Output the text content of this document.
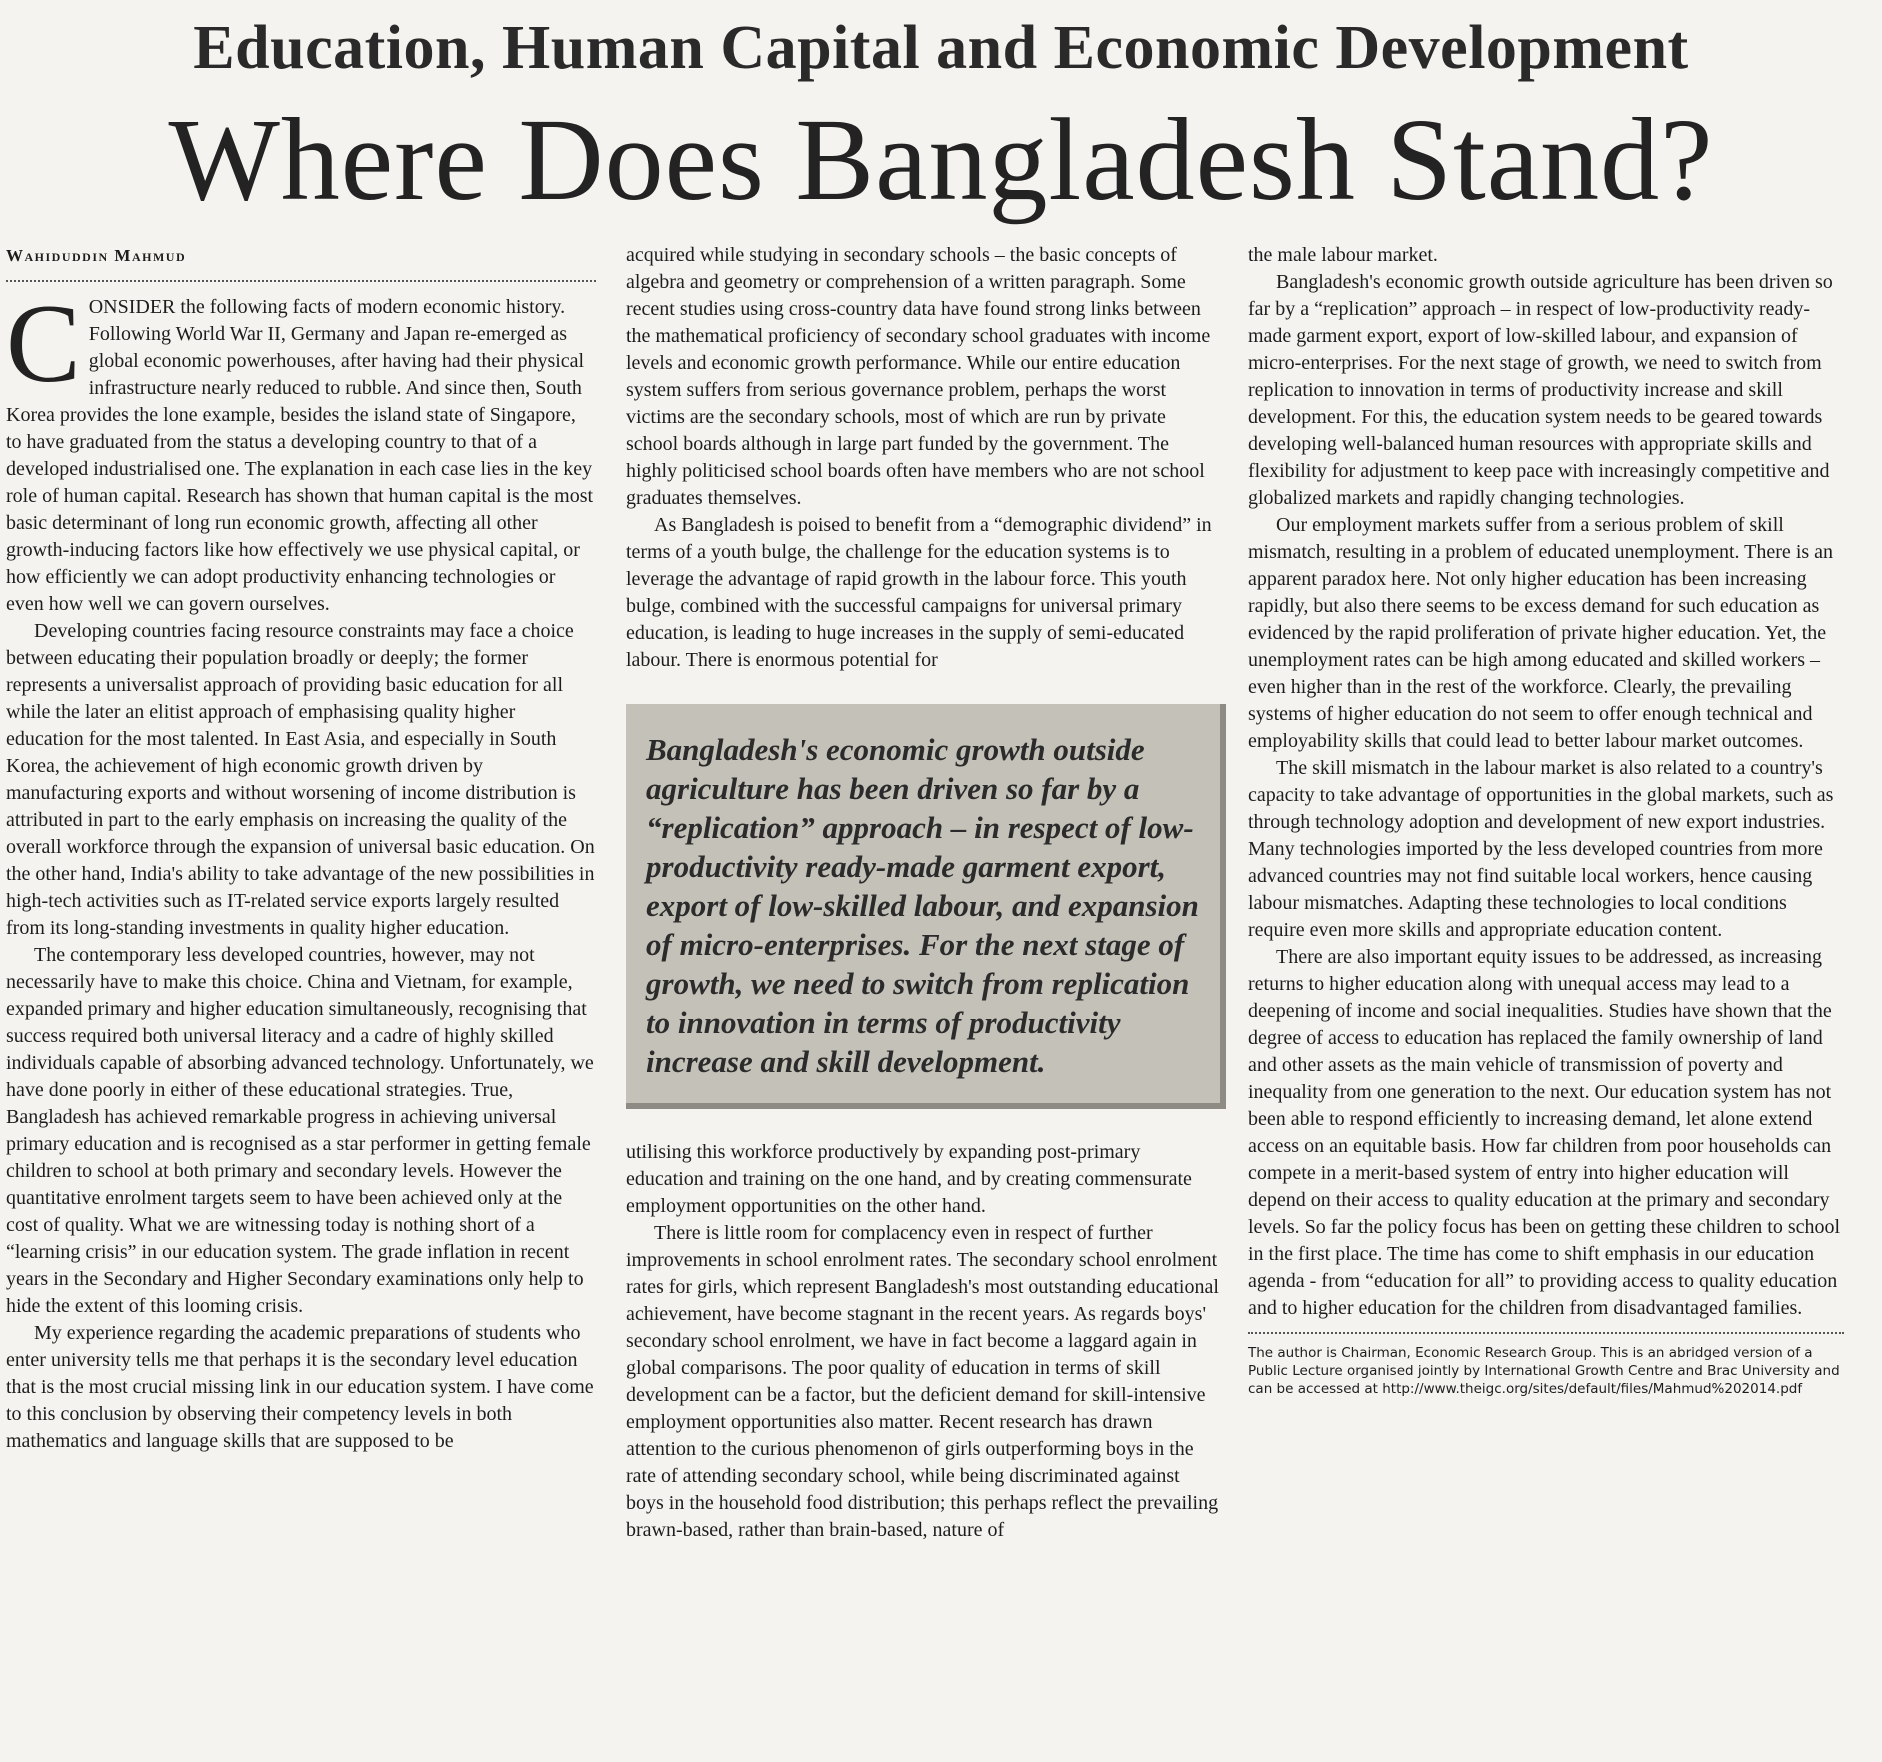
Education, Human Capital and Economic Development
Where Does Bangladesh Stand?
Wahiduddin Mahmud

CONSIDER the following facts of modern economic history. Following World War II, Germany and Japan re-emerged as global economic powerhouses, after having had their physical infrastructure nearly reduced to rubble. And since then, South Korea provides the lone example, besides the island state of Singapore, to have graduated from the status a developing country to that of a developed industrialised one. The explanation in each case lies in the key role of human capital. Research has shown that human capital is the most basic determinant of long run economic growth, affecting all other growth-inducing factors like how effectively we use physical capital, or how efficiently we can adopt productivity enhancing technologies or even how well we can govern ourselves.

Developing countries facing resource constraints may face a choice between educating their population broadly or deeply; the former represents a universalist approach of providing basic education for all while the later an elitist approach of emphasising quality higher education for the most talented. In East Asia, and especially in South Korea, the achievement of high economic growth driven by manufacturing exports and without worsening of income distribution is attributed in part to the early emphasis on increasing the quality of the overall workforce through the expansion of universal basic education. On the other hand, India's ability to take advantage of the new possibilities in high-tech activities such as IT-related service exports largely resulted from its long-standing investments in quality higher education.

The contemporary less developed countries, however, may not necessarily have to make this choice. China and Vietnam, for example, expanded primary and higher education simultaneously, recognising that success required both universal literacy and a cadre of highly skilled individuals capable of absorbing advanced technology. Unfortunately, we have done poorly in either of these educational strategies. True, Bangladesh has achieved remarkable progress in achieving universal primary education and is recognised as a star performer in getting female children to school at both primary and secondary levels. However the quantitative enrolment targets seem to have been achieved only at the cost of quality. What we are witnessing today is nothing short of a “learning crisis” in our education system. The grade inflation in recent years in the Secondary and Higher Secondary examinations only help to hide the extent of this looming crisis.

My experience regarding the academic preparations of students who enter university tells me that perhaps it is the secondary level education that is the most crucial missing link in our education system. I have come to this conclusion by observing their competency levels in both mathematics and language skills that are supposed to be

acquired while studying in secondary schools – the basic concepts of algebra and geometry or comprehension of a written paragraph. Some recent studies using cross-country data have found strong links between the mathematical proficiency of secondary school graduates with income levels and economic growth performance. While our entire education system suffers from serious governance problem, perhaps the worst victims are the secondary schools, most of which are run by private school boards although in large part funded by the government. The highly politicised school boards often have members who are not school graduates themselves.

As Bangladesh is poised to benefit from a “demographic dividend” in terms of a youth bulge, the challenge for the education systems is to leverage the advantage of rapid growth in the labour force. This youth bulge, combined with the successful campaigns for universal primary education, is leading to huge increases in the supply of semi-educated labour. There is enormous potential for

Bangladesh's economic growth outside agriculture has been driven so far by a “replication” approach – in respect of low-productivity ready-made garment export, export of low-skilled labour, and expansion of micro-enterprises. For the next stage of growth, we need to switch from replication to innovation in terms of productivity increase and skill development.

utilising this workforce productively by expanding post-primary education and training on the one hand, and by creating commensurate employment opportunities on the other hand.

There is little room for complacency even in respect of further improvements in school enrolment rates. The secondary school enrolment rates for girls, which represent Bangladesh's most outstanding educational achievement, have become stagnant in the recent years. As regards boys' secondary school enrolment, we have in fact become a laggard again in global comparisons. The poor quality of education in terms of skill development can be a factor, but the deficient demand for skill-intensive employment opportunities also matter. Recent research has drawn attention to the curious phenomenon of girls outperforming boys in the rate of attending secondary school, while being discriminated against boys in the household food distribution; this perhaps reflect the prevailing brawn-based, rather than brain-based, nature of

the male labour market.

Bangladesh's economic growth outside agriculture has been driven so far by a “replication” approach – in respect of low-productivity ready-made garment export, export of low-skilled labour, and expansion of micro-enterprises. For the next stage of growth, we need to switch from replication to innovation in terms of productivity increase and skill development. For this, the education system needs to be geared towards developing well-balanced human resources with appropriate skills and flexibility for adjustment to keep pace with increasingly competitive and globalized markets and rapidly changing technologies.

Our employment markets suffer from a serious problem of skill mismatch, resulting in a problem of educated unemployment. There is an apparent paradox here. Not only higher education has been increasing rapidly, but also there seems to be excess demand for such education as evidenced by the rapid proliferation of private higher education. Yet, the unemployment rates can be high among educated and skilled workers – even higher than in the rest of the workforce. Clearly, the prevailing systems of higher education do not seem to offer enough technical and employability skills that could lead to better labour market outcomes.

The skill mismatch in the labour market is also related to a country's capacity to take advantage of opportunities in the global markets, such as through technology adoption and development of new export industries. Many technologies imported by the less developed countries from more advanced countries may not find suitable local workers, hence causing labour mismatches. Adapting these technologies to local conditions require even more skills and appropriate education content.

There are also important equity issues to be addressed, as increasing returns to higher education along with unequal access may lead to a deepening of income and social inequalities. Studies have shown that the degree of access to education has replaced the family ownership of land and other assets as the main vehicle of transmission of poverty and inequality from one generation to the next. Our education system has not been able to respond efficiently to increasing demand, let alone extend access on an equitable basis. How far children from poor households can compete in a merit-based system of entry into higher education will depend on their access to quality education at the primary and secondary levels. So far the policy focus has been on getting these children to school in the first place. The time has come to shift emphasis in our education agenda - from “education for all” to providing access to quality education and to higher education for the children from disadvantaged families.

The author is Chairman, Economic Research Group. This is an abridged version of a Public Lecture organised jointly by International Growth Centre and Brac University and can be accessed at http://www.theigc.org/sites/default/files/Mahmud%202014.pdf
